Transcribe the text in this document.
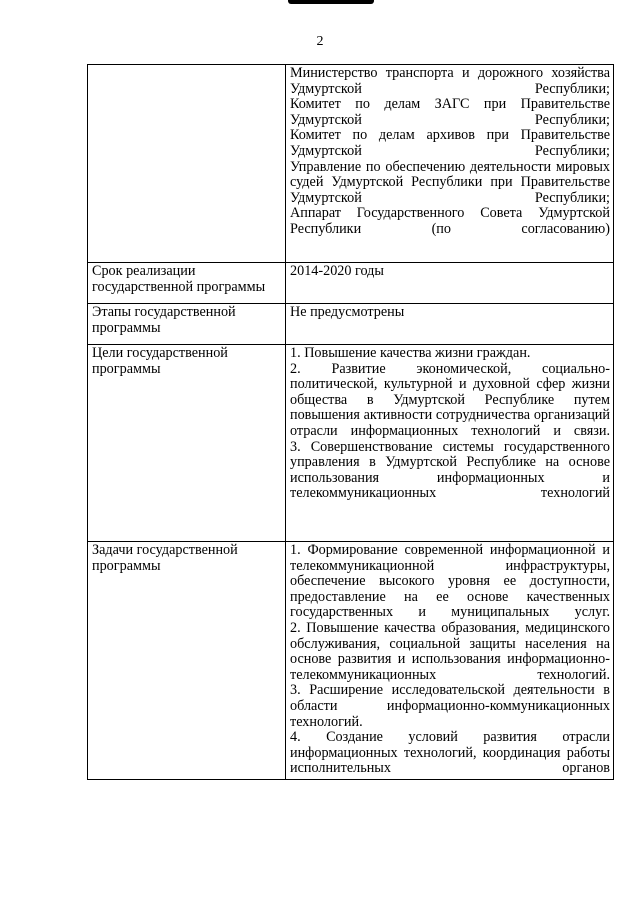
2

	Министерство транспорта и дорожного хозяйства Удмуртской Республики;
Комитет по делам ЗАГС при Правительстве Удмуртской Республики;
Комитет по делам архивов при Правительстве Удмуртской Республики;
Управление по обеспечению деятельности мировых судей Удмуртской Республики при Правительстве Удмуртской Республики;
Аппарат Государственного Совета Удмуртской Республики (по согласованию)

Срок реализации государственной программы	2014-2020 годы

Этапы государственной программы	Не предусмотрены

Цели государственной программы	1. Повышение качества жизни граждан.
2. Развитие экономической, социально-политической, культурной и духовной сфер жизни общества в Удмуртской Республике путем повышения активности сотрудничества организаций отрасли информационных технологий и связи.
3. Совершенствование системы государственного управления в Удмуртской Республике на основе использования информационных и телекоммуникационных технологий

Задачи государственной программы	1. Формирование современной информационной и телекоммуникационной инфраструктуры, обеспечение высокого уровня ее доступности, предоставление на ее основе качественных государственных и муниципальных услуг.
2. Повышение качества образования, медицинского обслуживания, социальной защиты населения на основе развития и использования информационно- телекоммуникационных технологий.
3. Расширение исследовательской деятельности в области информационно-коммуникационных технологий.
4. Создание условий развития отрасли информационных технологий, координация работы исполнительных органов
